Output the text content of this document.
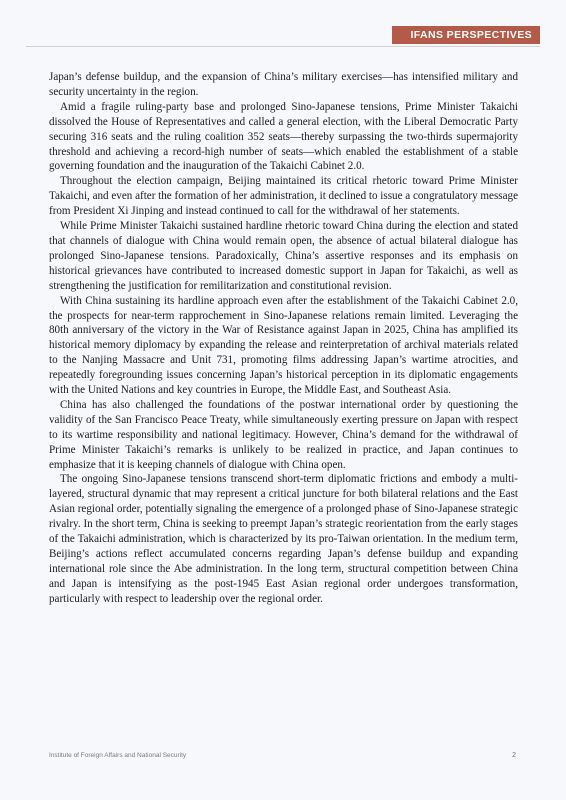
IFANS PERSPECTIVES

Japan’s defense buildup, and the expansion of China’s military exercises—has intensified military and security uncertainty in the region.

Amid a fragile ruling-party base and prolonged Sino-Japanese tensions, Prime Minister Takaichi dissolved the House of Representatives and called a general election, with the Liberal Democratic Party securing 316 seats and the ruling coalition 352 seats—thereby surpassing the two-thirds supermajority threshold and achieving a record-high number of seats—which enabled the establishment of a stable governing foundation and the inauguration of the Takaichi Cabinet 2.0.

Throughout the election campaign, Beijing maintained its critical rhetoric toward Prime Minister Takaichi, and even after the formation of her administration, it declined to issue a congratulatory message from President Xi Jinping and instead continued to call for the withdrawal of her statements.

While Prime Minister Takaichi sustained hardline rhetoric toward China during the election and stated that channels of dialogue with China would remain open, the absence of actual bilateral dialogue has prolonged Sino-Japanese tensions. Paradoxically, China’s assertive responses and its emphasis on historical grievances have contributed to increased domestic support in Japan for Takaichi, as well as strengthening the justification for remilitarization and constitutional revision.

With China sustaining its hardline approach even after the establishment of the Takaichi Cabinet 2.0, the prospects for near-term rapprochement in Sino-Japanese relations remain limited. Leveraging the 80th anniversary of the victory in the War of Resistance against Japan in 2025, China has amplified its historical memory diplomacy by expanding the release and reinterpretation of archival materials related to the Nanjing Massacre and Unit 731, promoting films addressing Japan’s wartime atrocities, and repeatedly foregrounding issues concerning Japan’s historical perception in its diplomatic engagements with the United Nations and key countries in Europe, the Middle East, and Southeast Asia.

China has also challenged the foundations of the postwar international order by questioning the validity of the San Francisco Peace Treaty, while simultaneously exerting pressure on Japan with respect to its wartime responsibility and national legitimacy. However, China’s demand for the withdrawal of Prime Minister Takaichi’s remarks is unlikely to be realized in practice, and Japan continues to emphasize that it is keeping channels of dialogue with China open.

The ongoing Sino-Japanese tensions transcend short-term diplomatic frictions and embody a multi-layered, structural dynamic that may represent a critical juncture for both bilateral relations and the East Asian regional order, potentially signaling the emergence of a prolonged phase of Sino-Japanese strategic rivalry. In the short term, China is seeking to preempt Japan’s strategic reorientation from the early stages of the Takaichi administration, which is characterized by its pro-Taiwan orientation. In the medium term, Beijing’s actions reflect accumulated concerns regarding Japan’s defense buildup and expanding international role since the Abe administration. In the long term, structural competition between China and Japan is intensifying as the post-1945 East Asian regional order undergoes transformation, particularly with respect to leadership over the regional order.

Institute of Foreign Affairs and National Security	2
